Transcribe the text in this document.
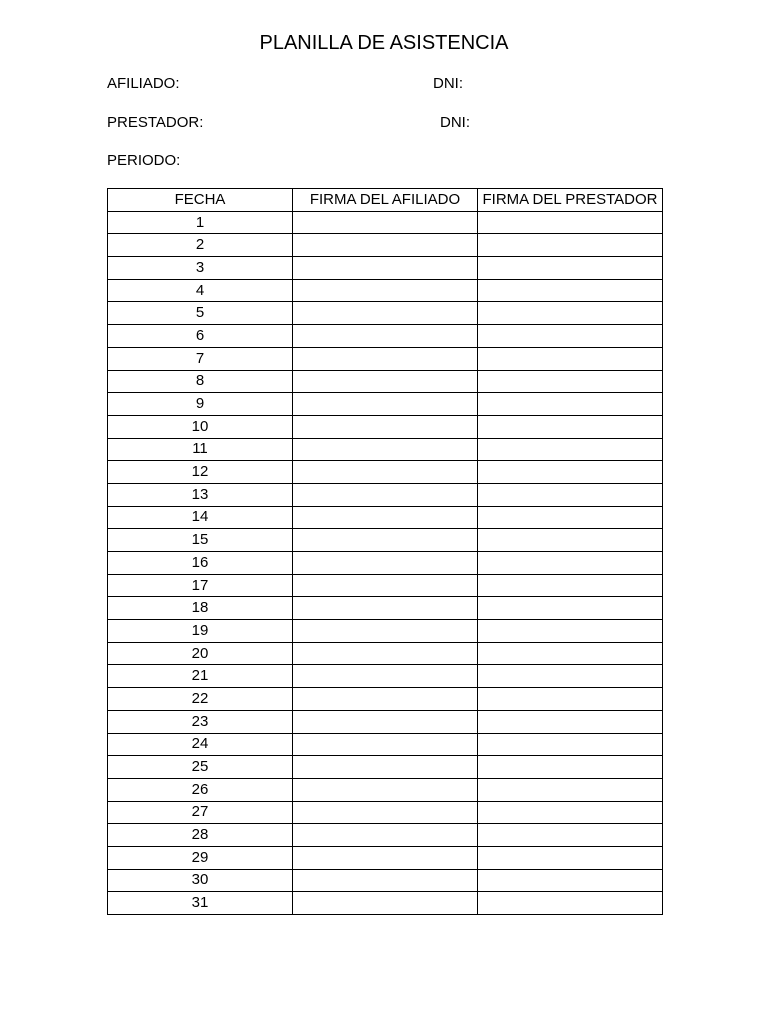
PLANILLA DE ASISTENCIA
AFILIADO:	DNI:
PRESTADOR:	DNI:
PERIODO:
FECHA	FIRMA DEL AFILIADO	FIRMA DEL PRESTADOR
1		
2		
3		
4		
5		
6		
7		
8		
9		
10		
11		
12		
13		
14		
15		
16		
17		
18		
19		
20		
21		
22		
23		
24		
25		
26		
27		
28		
29		
30		
31		
